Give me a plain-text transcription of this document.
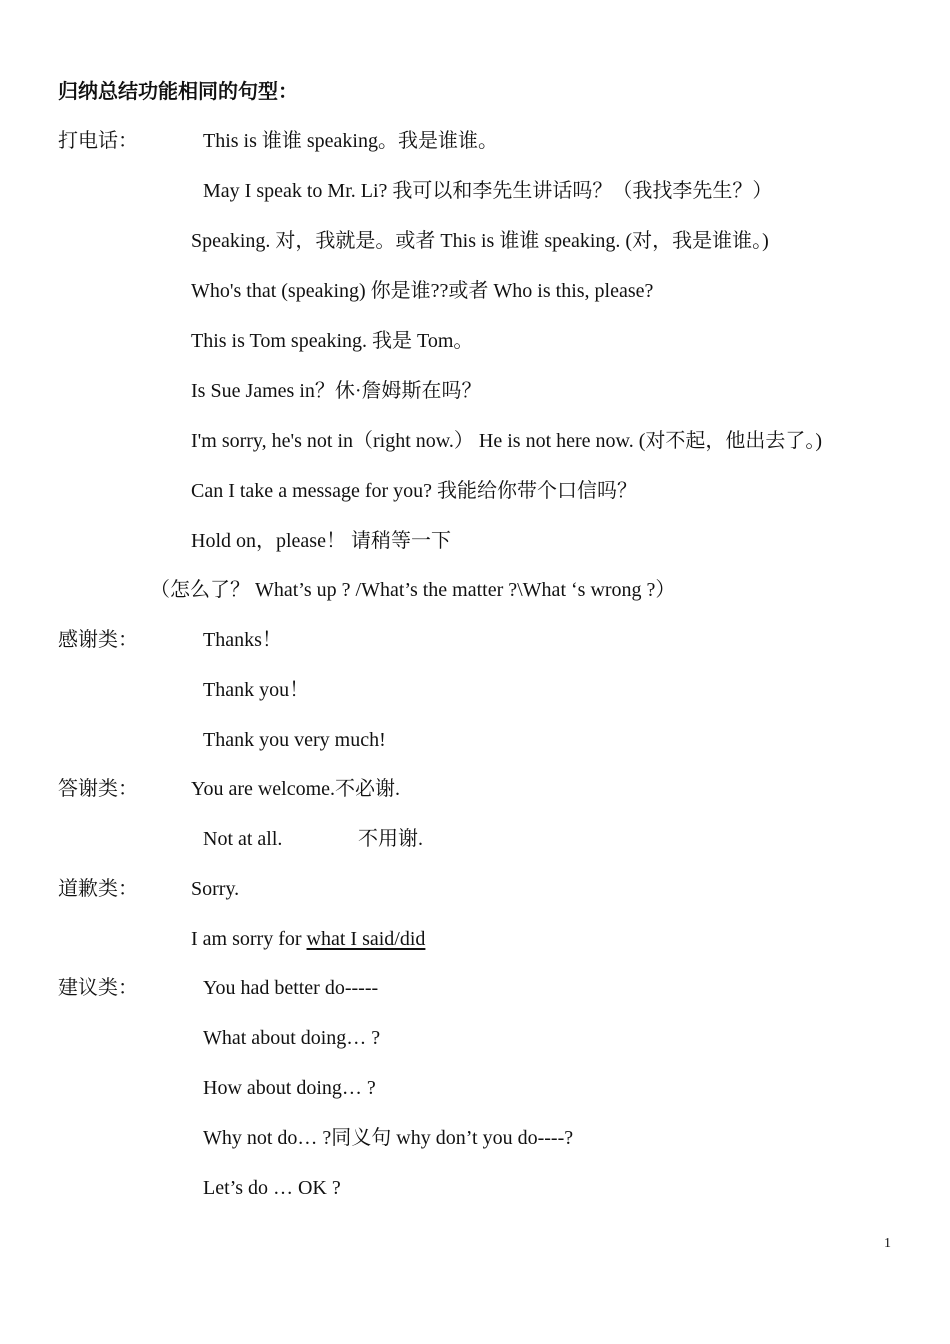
归纳总结功能相同的句型：
打电话：	This is 谁谁 speaking。我是谁谁。
May I speak to Mr. Li? 我可以和李先生讲话吗？（我找李先生？）
Speaking. 对，我就是。或者 This is 谁谁 speaking. (对，我是谁谁。)
Who's that (speaking) 你是谁??或者 Who is this, please?
This is Tom speaking. 我是 Tom。
Is Sue James in？休·詹姆斯在吗？
I'm sorry, he's not in（right now.） He is not here now. (对不起，他出去了。)
Can I take a message for you? 我能给你带个口信吗？
Hold on，please！ 请稍等一下
（怎么了？ What’s up ? /What’s the matter ?\What ‘s wrong ?）
感谢类：	Thanks！
Thank you！
Thank you very much!
答谢类：	You are welcome.不必谢.
Not at all.	不用谢.
道歉类：	Sorry.
I am sorry for what I said/did
建议类：	You had better do-----
What about doing… ?
How about doing… ?
Why not do… ?同义句 why don’t you do----?
Let’s do … OK ?
1
